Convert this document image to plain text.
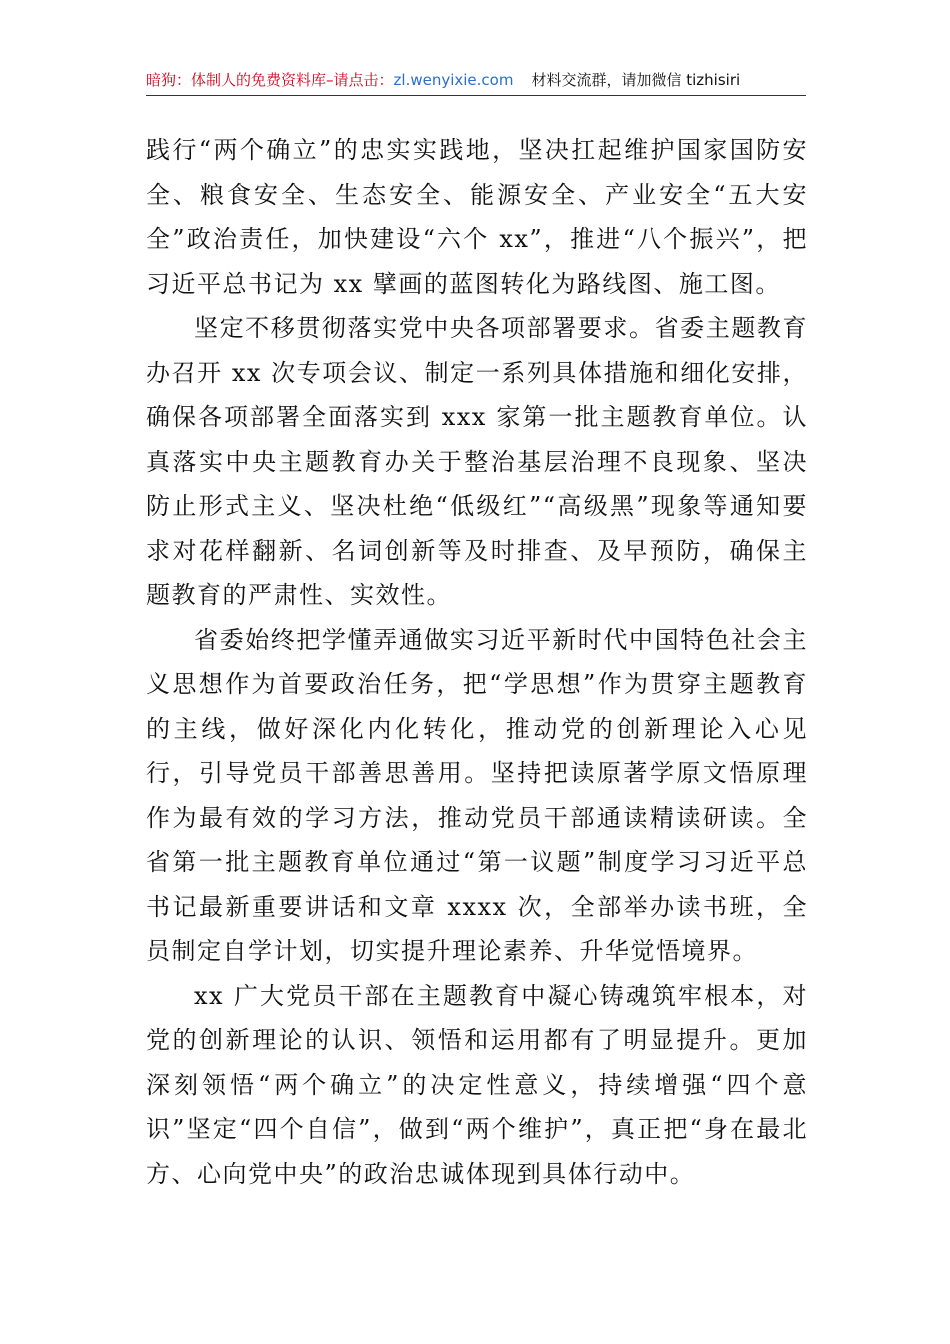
暗狗：体制人的免费资料库–请点击：zl.wenyixie.com 材料交流群，请加微信 tizhisiri

践行“两个确立”的忠实实践地，坚决扛起维护国家国防安全、粮食安全、生态安全、能源安全、产业安全“五大安全”政治责任，加快建设“六个 xx”，推进“八个振兴”，把习近平总书记为 xx 擘画的蓝图转化为路线图、施工图。

坚定不移贯彻落实党中央各项部署要求。省委主题教育办召开 xx 次专项会议、制定一系列具体措施和细化安排，确保各项部署全面落实到 xxx 家第一批主题教育单位。认真落实中央主题教育办关于整治基层治理不良现象、坚决防止形式主义、坚决杜绝“低级红”“高级黑”现象等通知要求对花样翻新、名词创新等及时排查、及早预防，确保主题教育的严肃性、实效性。

省委始终把学懂弄通做实习近平新时代中国特色社会主义思想作为首要政治任务，把“学思想”作为贯穿主题教育的主线，做好深化内化转化，推动党的创新理论入心见行，引导党员干部善思善用。坚持把读原著学原文悟原理作为最有效的学习方法，推动党员干部通读精读研读。全省第一批主题教育单位通过“第一议题”制度学习习近平总书记最新重要讲话和文章 xxxx 次，全部举办读书班，全员制定自学计划，切实提升理论素养、升华觉悟境界。

xx 广大党员干部在主题教育中凝心铸魂筑牢根本，对党的创新理论的认识、领悟和运用都有了明显提升。更加深刻领悟“两个确立”的决定性意义，持续增强“四个意识”坚定“四个自信”，做到“两个维护”，真正把“身在最北方、心向党中央”的政治忠诚体现到具体行动中。
